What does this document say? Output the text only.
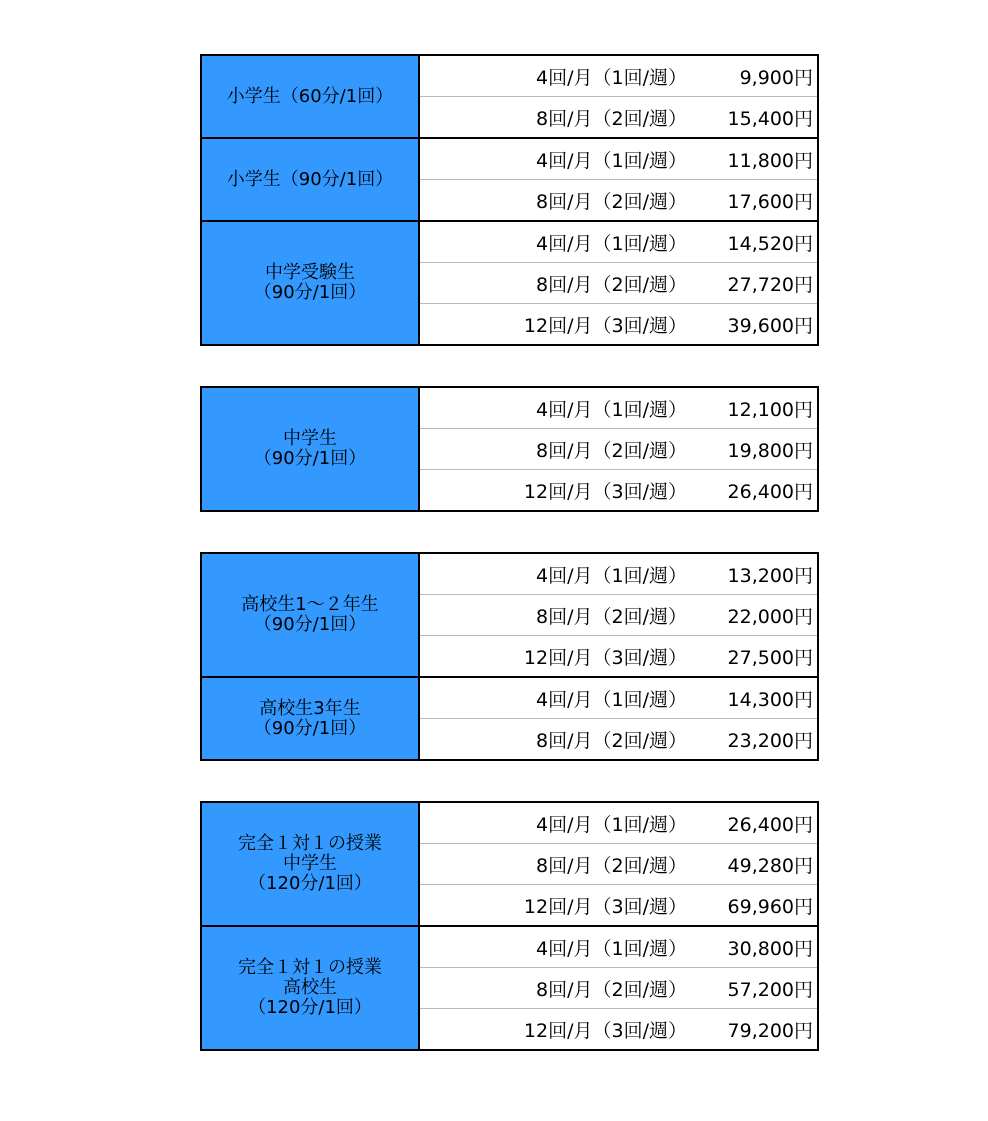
小学生（60分/1回）	4回/月（1回/週） 9,900円

	8回/月（2回/週） 15,400円

小学生（90分/1回）	4回/月（1回/週） 11,800円

	8回/月（2回/週） 17,600円

中学受験生
（90分/1回）	4回/月（1回/週） 14,520円

	8回/月（2回/週） 27,720円

	12回/月（3回/週） 39,600円
中学生
（90分/1回）

4回/月（1回/週）	12,100円

8回/月（2回/週）	19,800円

12回/月（3回/週）	26,400円
高校生1～２年生
（90分/1回）	4回/月（1回/週） 13,200円

	8回/月（2回/週） 22,000円

	12回/月（3回/週） 27,500円

高校生3年生
（90分/1回）	4回/月（1回/週） 14,300円

	8回/月（2回/週） 23,200円
完全１対１の授業
中学生
（120分/1回）	4回/月（1回/週） 26,400円

	8回/月（2回/週） 49,280円

	12回/月（3回/週） 69,960円

完全１対１の授業
高校生
（120分/1回）	4回/月（1回/週） 30,800円

	8回/月（2回/週） 57,200円

	12回/月（3回/週） 79,200円
